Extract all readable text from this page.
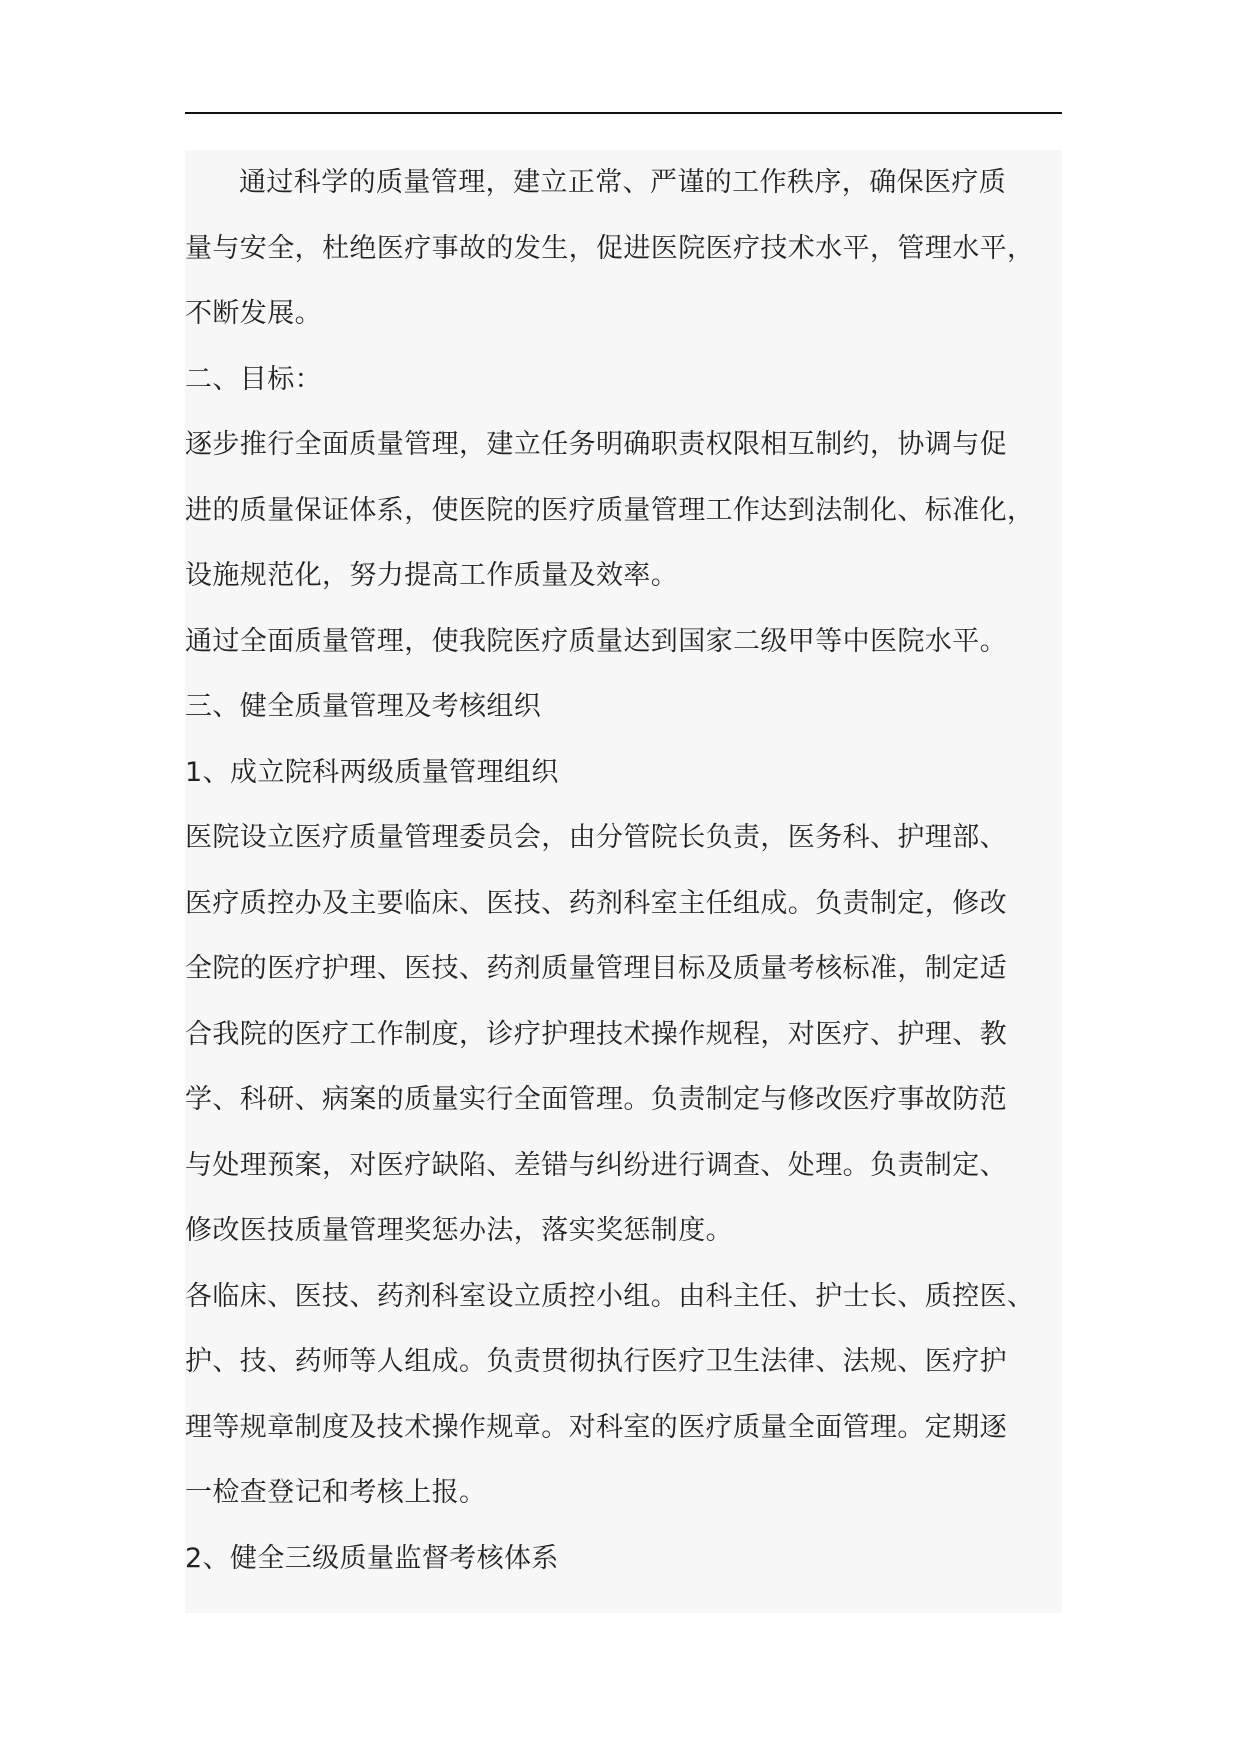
通过科学的质量管理，建立正常、严谨的工作秩序，确保医疗质
量与安全，杜绝医疗事故的发生，促进医院医疗技术水平，管理水平，
不断发展。
二、目标：
逐步推行全面质量管理，建立任务明确职责权限相互制约，协调与促
进的质量保证体系，使医院的医疗质量管理工作达到法制化、标准化，
设施规范化，努力提高工作质量及效率。
通过全面质量管理，使我院医疗质量达到国家二级甲等中医院水平。
三、健全质量管理及考核组织
1、成立院科两级质量管理组织
医院设立医疗质量管理委员会，由分管院长负责，医务科、护理部、
医疗质控办及主要临床、医技、药剂科室主任组成。负责制定，修改
全院的医疗护理、医技、药剂质量管理目标及质量考核标准，制定适
合我院的医疗工作制度，诊疗护理技术操作规程，对医疗、护理、教
学、科研、病案的质量实行全面管理。负责制定与修改医疗事故防范
与处理预案，对医疗缺陷、差错与纠纷进行调查、处理。负责制定、
修改医技质量管理奖惩办法，落实奖惩制度。
各临床、医技、药剂科室设立质控小组。由科主任、护士长、质控医、
护、技、药师等人组成。负责贯彻执行医疗卫生法律、法规、医疗护
理等规章制度及技术操作规章。对科室的医疗质量全面管理。定期逐
一检查登记和考核上报。
2、健全三级质量监督考核体系
